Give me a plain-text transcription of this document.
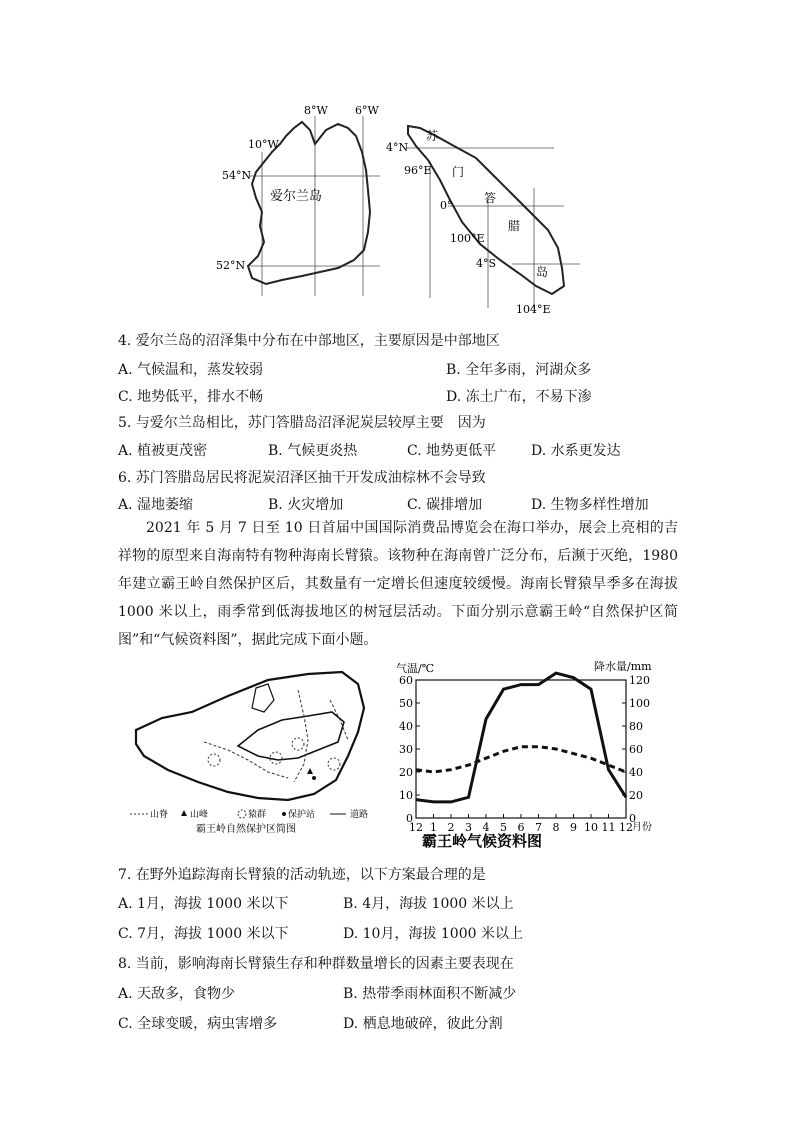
8°W 6°W
10°W
54°N
52°N
爱尔兰岛
4°N
96°E
0°
100°E
4°S
104°E
苏
门
答
腊
岛
4. 爱尔兰岛的沼泽集中分布在中部地区，主要原因是中部地区
A. 气候温和，蒸发较弱	B. 全年多雨，河湖众多
C. 地势低平，排水不畅	D. 冻土广布，不易下渗
5. 与爱尔兰岛相比，苏门答腊岛沼泽泥炭层较厚主要　因为
A. 植被更茂密	B. 气候更炎热	C. 地势更低平 D. 水系更发达
6. 苏门答腊岛居民将泥炭沼泽区抽干开发成油棕林不会导致
A. 湿地萎缩	B. 火灾增加	C. 碳排增加	D. 生物多样性增加
2021 年 5 月 7 日至 10 日首届中国国际消费品博览会在海口举办，展会上亮相的吉祥物的原型来自海南特有物种海南长臂猿。该物种在海南曾广泛分布，后濒于灭绝，1980 年建立霸王岭自然保护区后，其数量有一定增长但速度较缓慢。海南长臂猿旱季多在海拔 1000 米以上，雨季常到低海拔地区的树冠层活动。下面分别示意霸王岭“自然保护区简图”和“气候资料图”，据此完成下面小题。
山脊 山峰	猿群 保护站	道路
霸王岭自然保护区简图
气温/℃	降水量/mm
0
10
20
30
40
50
60
0
20
40
60
80
100
120
12 1 2 3 4 5 6 7 8 9 10 11 12 月份
霸王岭气候资料图
7. 在野外追踪海南长臂猿的活动轨迹，以下方案最合理的是
A. 1月，海拔 1000 米以下	B. 4月，海拔 1000 米以上
C. 7月，海拔 1000 米以下	D. 10月，海拔 1000 米以上
8. 当前，影响海南长臂猿生存和种群数量增长的因素主要表现在
A. 天敌多，食物少	B. 热带季雨林面积不断减少
C. 全球变暖，病虫害增多	D. 栖息地破碎，彼此分割
